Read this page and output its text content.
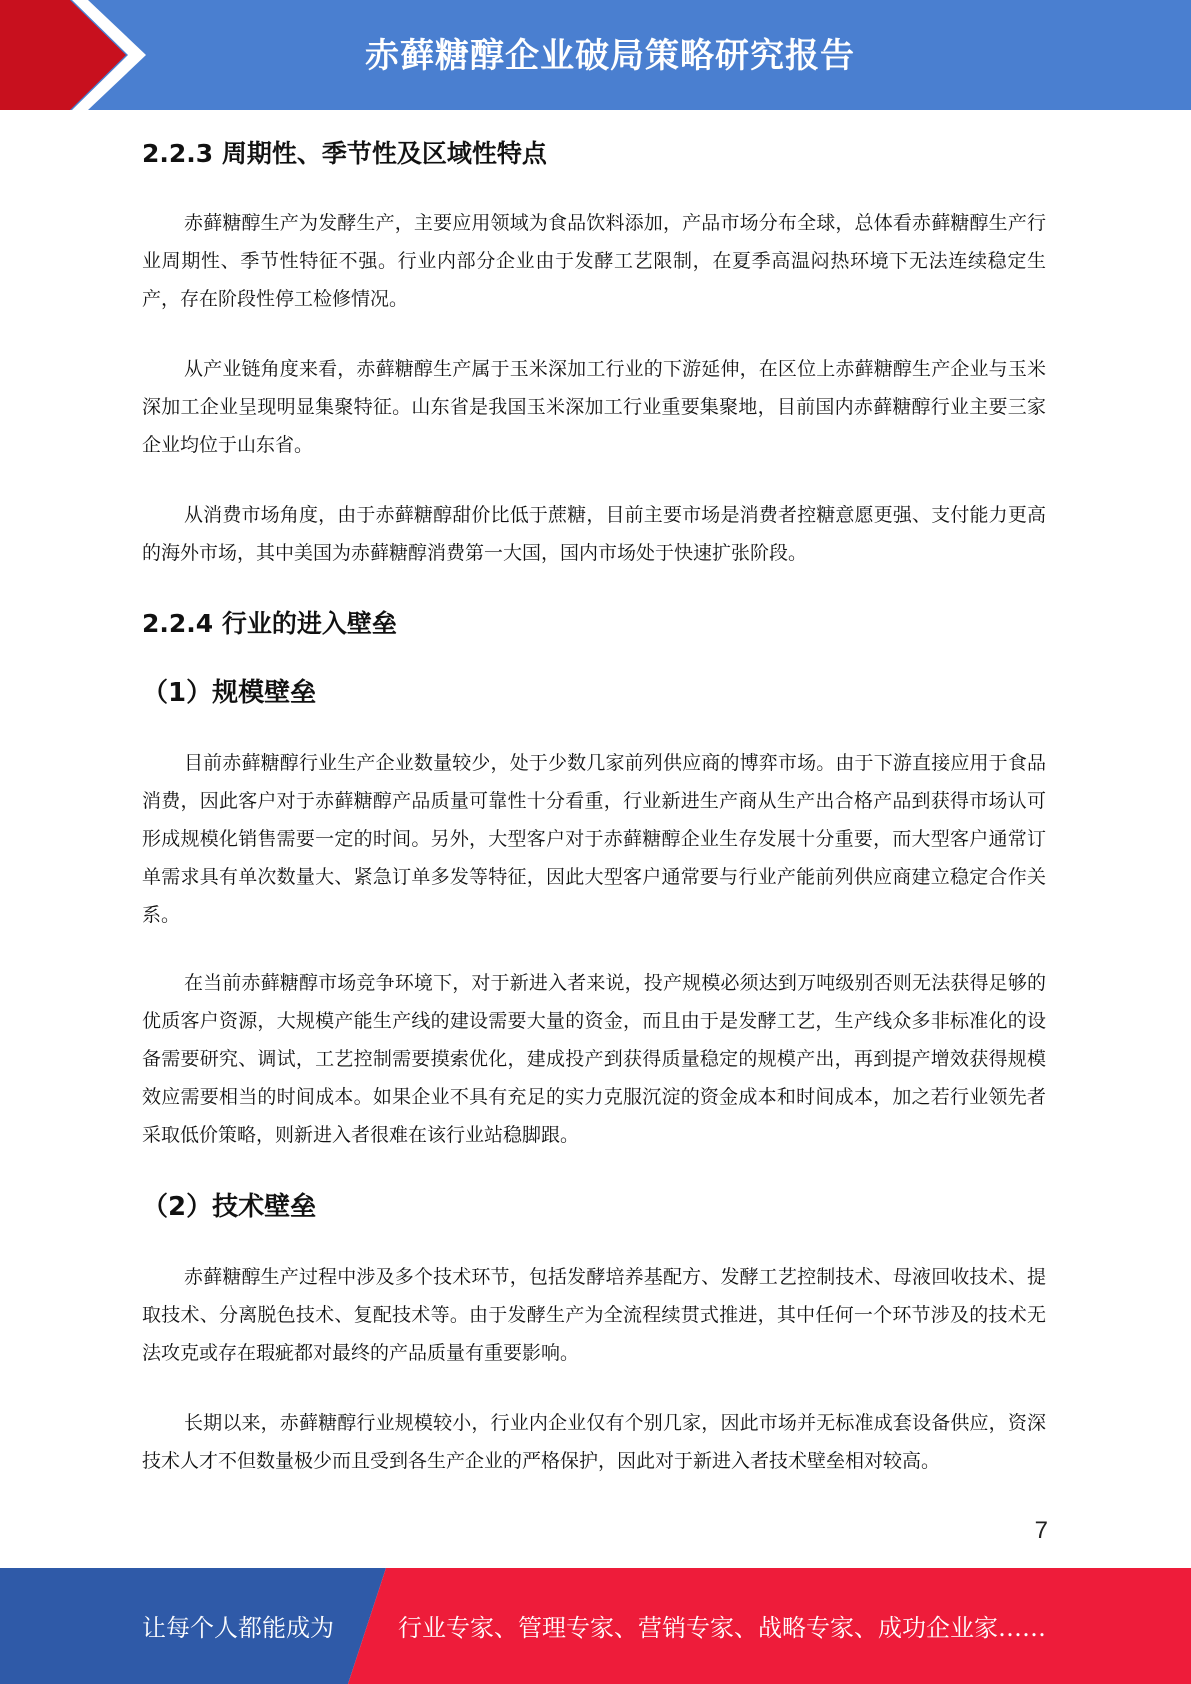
赤藓糖醇企业破局策略研究报告
2.2.3 周期性、季节性及区域性特点

赤藓糖醇生产为发酵生产，主要应用领域为食品饮料添加，产品市场分布全球，总体看赤藓糖醇生产行业周期性、季节性特征不强。行业内部分企业由于发酵工艺限制，在夏季高温闷热环境下无法连续稳定生产，存在阶段性停工检修情况。

从产业链角度来看，赤藓糖醇生产属于玉米深加工行业的下游延伸，在区位上赤藓糖醇生产企业与玉米深加工企业呈现明显集聚特征。山东省是我国玉米深加工行业重要集聚地，目前国内赤藓糖醇行业主要三家企业均位于山东省。

从消费市场角度，由于赤藓糖醇甜价比低于蔗糖，目前主要市场是消费者控糖意愿更强、支付能力更高的海外市场，其中美国为赤藓糖醇消费第一大国，国内市场处于快速扩张阶段。

2.2.4 行业的进入壁垒
（1）规模壁垒

目前赤藓糖醇行业生产企业数量较少，处于少数几家前列供应商的博弈市场。由于下游直接应用于食品消费，因此客户对于赤藓糖醇产品质量可靠性十分看重，行业新进生产商从生产出合格产品到获得市场认可形成规模化销售需要一定的时间。另外，大型客户对于赤藓糖醇企业生存发展十分重要，而大型客户通常订单需求具有单次数量大、紧急订单多发等特征，因此大型客户通常要与行业产能前列供应商建立稳定合作关系。

在当前赤藓糖醇市场竞争环境下，对于新进入者来说，投产规模必须达到万吨级别否则无法获得足够的优质客户资源，大规模产能生产线的建设需要大量的资金，而且由于是发酵工艺，生产线众多非标准化的设备需要研究、调试，工艺控制需要摸索优化，建成投产到获得质量稳定的规模产出，再到提产增效获得规模效应需要相当的时间成本。如果企业不具有充足的实力克服沉淀的资金成本和时间成本，加之若行业领先者采取低价策略，则新进入者很难在该行业站稳脚跟。

（2）技术壁垒

赤藓糖醇生产过程中涉及多个技术环节，包括发酵培养基配方、发酵工艺控制技术、母液回收技术、提取技术、分离脱色技术、复配技术等。由于发酵生产为全流程续贯式推进，其中任何一个环节涉及的技术无法攻克或存在瑕疵都对最终的产品质量有重要影响。

长期以来，赤藓糖醇行业规模较小，行业内企业仅有个别几家，因此市场并无标准成套设备供应，资深技术人才不但数量极少而且受到各生产企业的严格保护，因此对于新进入者技术壁垒相对较高。

7
让每个人都能成为	行业专家、管理专家、营销专家、战略专家、成功企业家……
